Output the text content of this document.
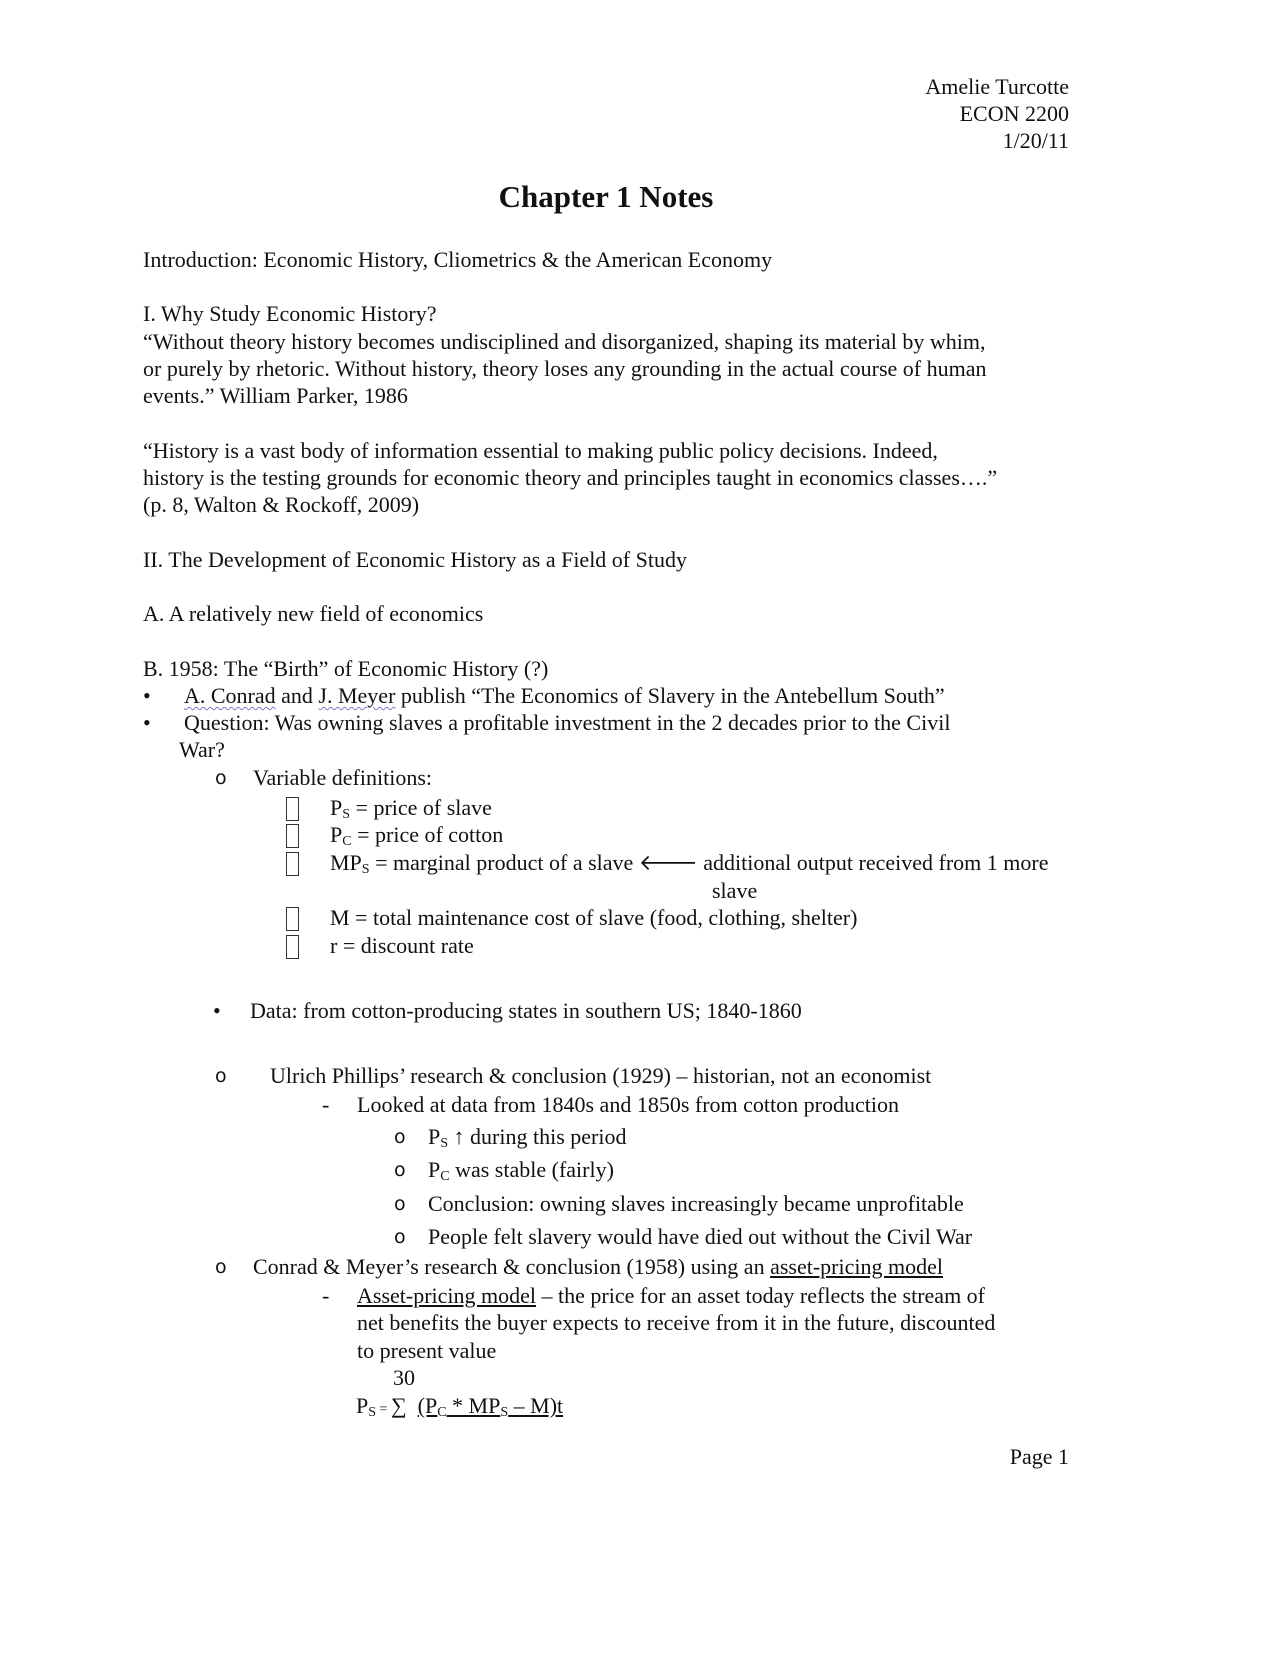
Amelie Turcotte
ECON 2200
1/20/11
Chapter 1 Notes
Introduction: Economic History, Cliometrics & the American Economy
I. Why Study Economic History?
“Without theory history becomes undisciplined and disorganized, shaping its material by whim,
or purely by rhetoric. Without history, theory loses any grounding in the actual course of human
events.” William Parker, 1986
“History is a vast body of information essential to making public policy decisions. Indeed,
history is the testing grounds for economic theory and principles taught in economics classes….”
(p. 8, Walton & Rockoff, 2009)
II. The Development of Economic History as a Field of Study
A. A relatively new field of economics
B. 1958: The “Birth” of Economic History (?)
• A. Conrad and J. Meyer publish “The Economics of Slavery in the Antebellum South”
• Question: Was owning slaves a profitable investment in the 2 decades prior to the Civil
War?
o Variable definitions:
$P_S$ = price of slave
$P_C$ = price of cotton
$MP_S$ = marginal product of a slave 🡐 additional output received from 1 more
slave
M = total maintenance cost of slave (food, clothing, shelter)
r = discount rate
• Data: from cotton-producing states in southern US; 1840-1860
o Ulrich Phillips’ research & conclusion (1929) – historian, not an economist
- Looked at data from 1840s and 1850s from cotton production
o $P_S$ ↑ during this period
o $P_C$ was stable (fairly)
o Conclusion: owning slaves increasingly became unprofitable
o People felt slavery would have died out without the Civil War
o Conrad & Meyer’s research & conclusion (1958) using an asset-pricing model
- Asset-pricing model – the price for an asset today reflects the stream of
net benefits the buyer expects to receive from it in the future, discounted
to present value
30
$P_S$ = ∑ $(P_C * MP_S - M)t$
Page 1
